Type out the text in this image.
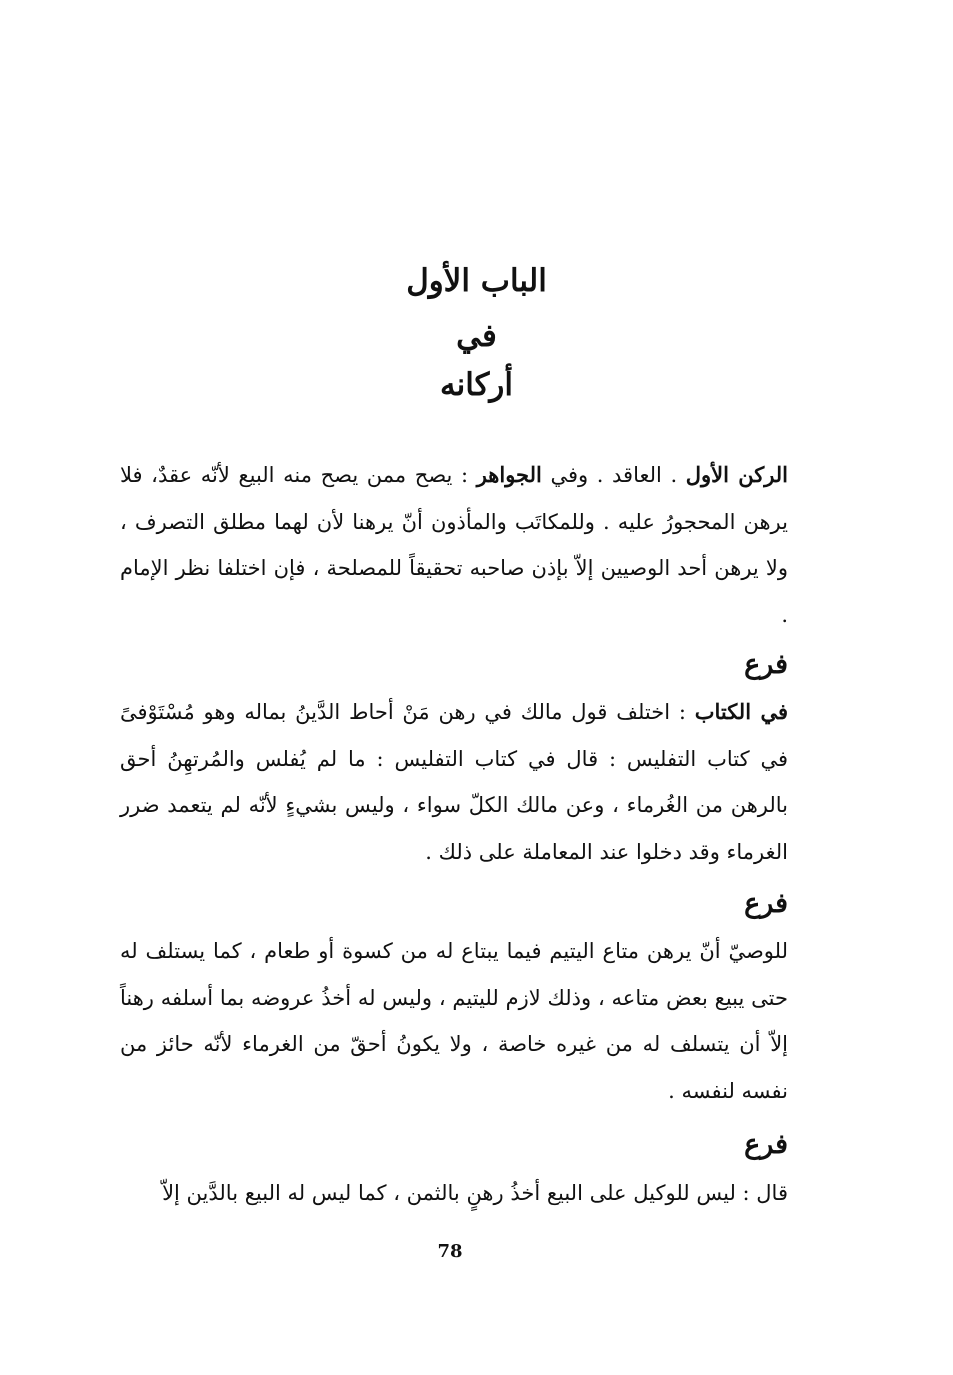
الباب الأول
في
أركانه
الركن الأول . العاقد . وفي الجواهر : يصح ممن يصح منه البيع لأنّه عقدٌ، فلا يرهن المحجورُ عليه . وللمكاتَب والمأذون أنّ يرهنا لأن لهما مطلق التصرف ، ولا يرهن أحد الوصيين إلاّ بإذن صاحبه تحقيقاً للمصلحة ، فإن اختلفا نظر الإمام .
فرع
في الكتاب : اختلف قول مالك في رهن مَنْ أحاط الدَّينُ بماله وهو مُسْتَوْفىً في كتاب التفليس : قال في كتاب التفليس : ما لم يُفلس والمُرتهِنُ أحق بالرهن من الغُرماء ، وعن مالك الكلّ سواء ، وليس بشيءٍ لأنّه لم يتعمد ضرر الغرماء وقد دخلوا عند المعاملة على ذلك .
فرع
للوصيّ أنّ يرهن متاع اليتيم فيما يبتاع له من كسوة أو طعام ، كما يستلف له حتى يبيع بعض متاعه ، وذلك لازم لليتيم ، وليس له أخذُ عروضه بما أسلفه رهناً إلاّ أن يتسلف له من غيره خاصة ، ولا يكونُ أحقّ من الغرماء لأنّه حائز من نفسه لنفسه .
فرع
قال : ليس للوكيل على البيع أخذُ رهنٍ بالثمن ، كما ليس له البيع بالدَّين إلاّ
78
